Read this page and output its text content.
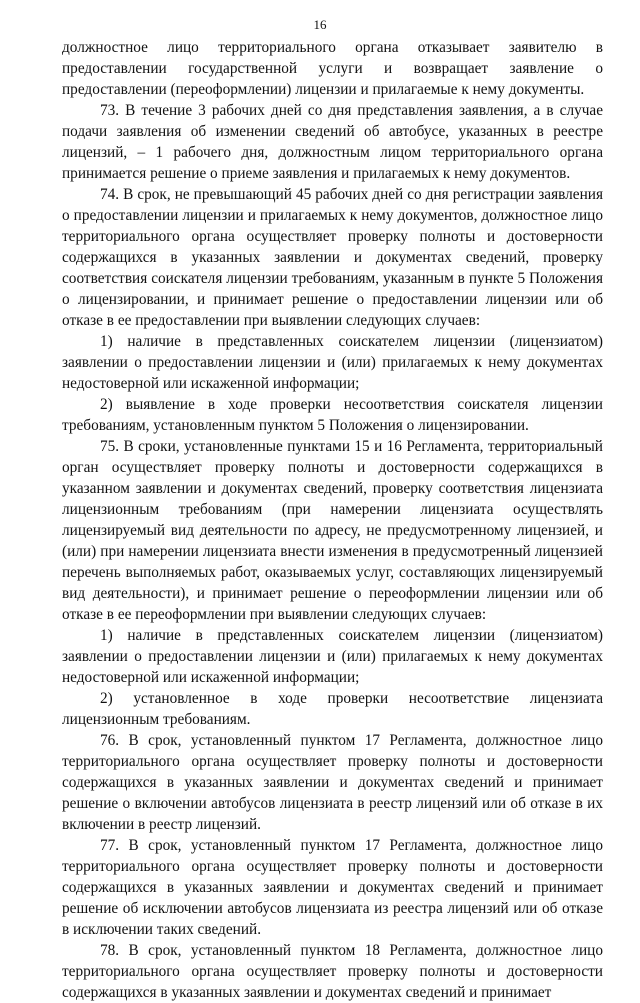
16

должностное лицо территориального органа отказывает заявителю в предоставлении государственной услуги и возвращает заявление о предоставлении (переоформлении) лицензии и прилагаемые к нему документы.

73. В течение 3 рабочих дней со дня представления заявления, а в случае подачи заявления об изменении сведений об автобусе, указанных в реестре лицензий, – 1 рабочего дня, должностным лицом территориального органа принимается решение о приеме заявления и прилагаемых к нему документов.

74. В срок, не превышающий 45 рабочих дней со дня регистрации заявления о предоставлении лицензии и прилагаемых к нему документов, должностное лицо территориального органа осуществляет проверку полноты и достоверности содержащихся в указанных заявлении и документах сведений, проверку соответствия соискателя лицензии требованиям, указанным в пункте 5 Положения о лицензировании, и принимает решение о предоставлении лицензии или об отказе в ее предоставлении при выявлении следующих случаев:

1) наличие в представленных соискателем лицензии (лицензиатом) заявлении о предоставлении лицензии и (или) прилагаемых к нему документах недостоверной или искаженной информации;

2) выявление в ходе проверки несоответствия соискателя лицензии требованиям, установленным пунктом 5 Положения о лицензировании.

75. В сроки, установленные пунктами 15 и 16 Регламента, территориальный орган осуществляет проверку полноты и достоверности содержащихся в указанном заявлении и документах сведений, проверку соответствия лицензиата лицензионным требованиям (при намерении лицензиата осуществлять лицензируемый вид деятельности по адресу, не предусмотренному лицензией, и (или) при намерении лицензиата внести изменения в предусмотренный лицензией перечень выполняемых работ, оказываемых услуг, составляющих лицензируемый вид деятельности), и принимает решение о переоформлении лицензии или об отказе в ее переоформлении при выявлении следующих случаев:

1) наличие в представленных соискателем лицензии (лицензиатом) заявлении о предоставлении лицензии и (или) прилагаемых к нему документах недостоверной или искаженной информации;

2) установленное в ходе проверки несоответствие лицензиата лицензионным требованиям.

76. В срок, установленный пунктом 17 Регламента, должностное лицо территориального органа осуществляет проверку полноты и достоверности содержащихся в указанных заявлении и документах сведений и принимает решение о включении автобусов лицензиата в реестр лицензий или об отказе в их включении в реестр лицензий.

77. В срок, установленный пунктом 17 Регламента, должностное лицо территориального органа осуществляет проверку полноты и достоверности содержащихся в указанных заявлении и документах сведений и принимает решение об исключении автобусов лицензиата из реестра лицензий или об отказе в исключении таких сведений.

78. В срок, установленный пунктом 18 Регламента, должностное лицо территориального органа осуществляет проверку полноты и достоверности содержащихся в указанных заявлении и документах сведений и принимает
